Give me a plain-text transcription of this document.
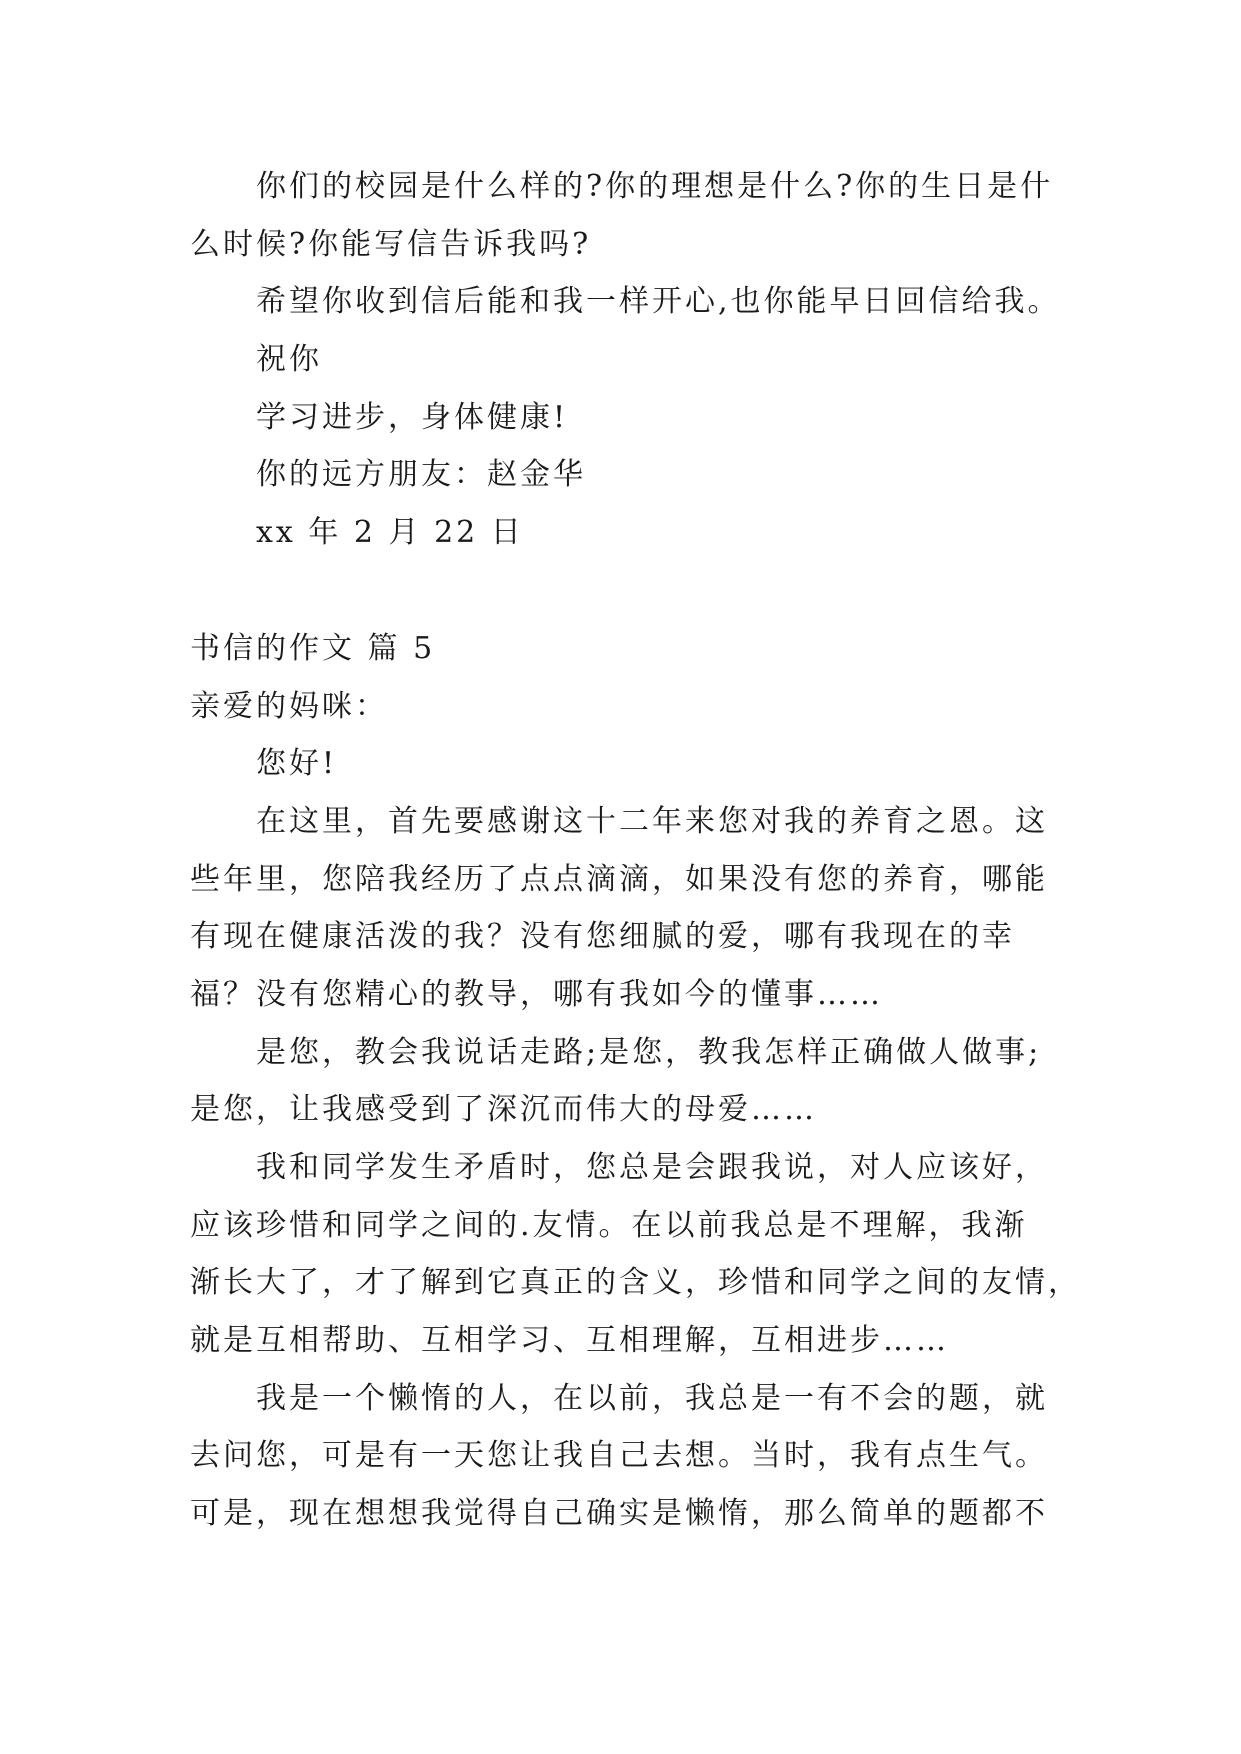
你们的校园是什么样的?你的理想是什么?你的生日是什
么时候?你能写信告诉我吗?
希望你收到信后能和我一样开心,也你能早日回信给我。
祝你
学习进步，身体健康!
你的远方朋友：赵金华
xx 年 2 月 22 日
书信的作文 篇 5
亲爱的妈咪：
您好!
在这里，首先要感谢这十二年来您对我的养育之恩。这
些年里，您陪我经历了点点滴滴，如果没有您的养育，哪能
有现在健康活泼的我？没有您细腻的爱，哪有我现在的幸
福？没有您精心的教导，哪有我如今的懂事……
是您，教会我说话走路;是您，教我怎样正确做人做事;
是您，让我感受到了深沉而伟大的母爱……
我和同学发生矛盾时，您总是会跟我说，对人应该好，
应该珍惜和同学之间的.友情。在以前我总是不理解，我渐
渐长大了，才了解到它真正的含义，珍惜和同学之间的友情，
就是互相帮助、互相学习、互相理解，互相进步……
我是一个懒惰的人，在以前，我总是一有不会的题，就
去问您，可是有一天您让我自己去想。当时，我有点生气。
可是，现在想想我觉得自己确实是懒惰，那么简单的题都不
